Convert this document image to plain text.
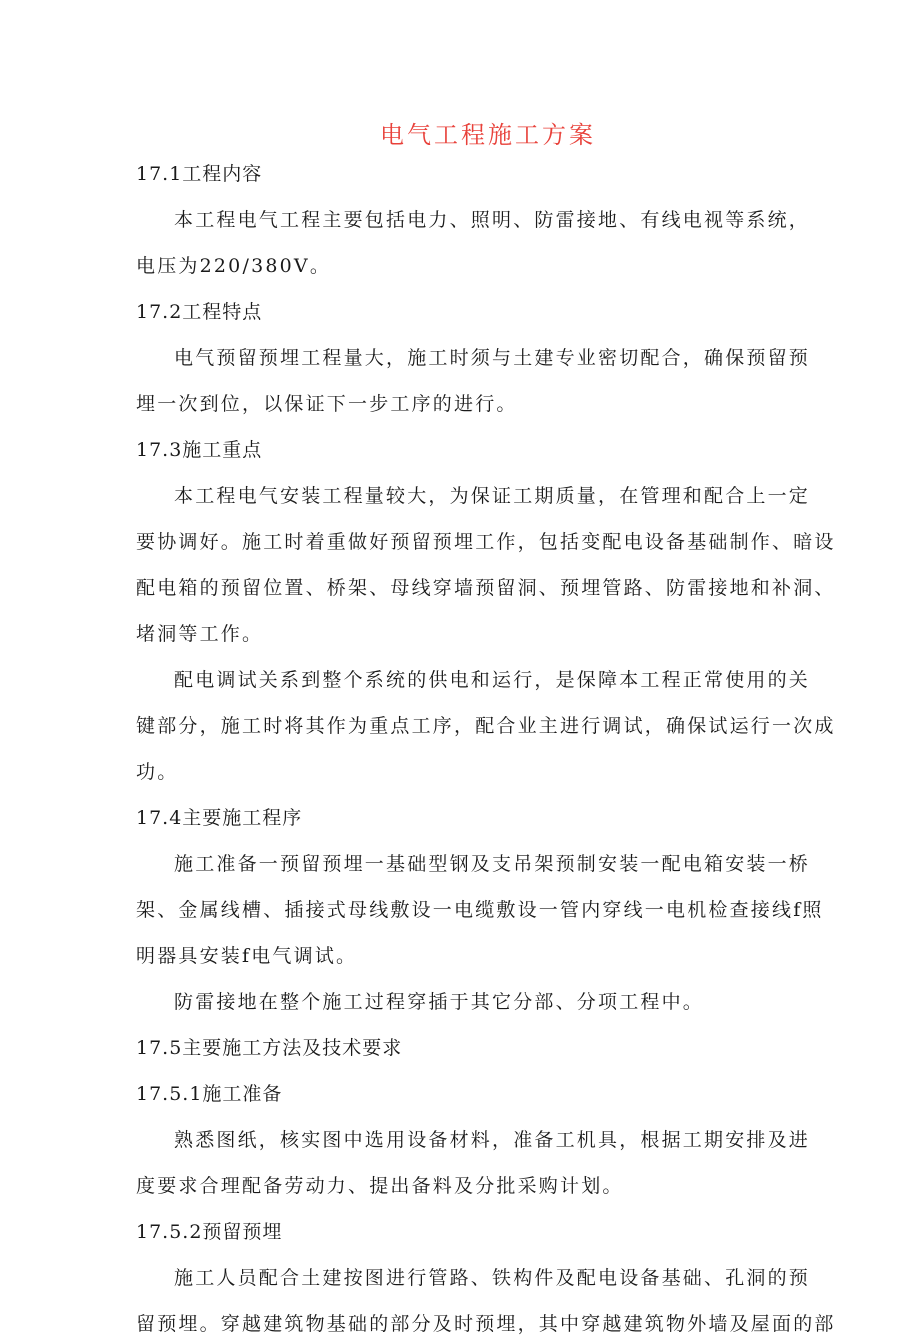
电气工程施工方案
17.1工程内容
本工程电气工程主要包括电力、照明、防雷接地、有线电视等系统，
电压为220/380V。
17.2工程特点
电气预留预埋工程量大，施工时须与土建专业密切配合，确保预留预
埋一次到位，以保证下一步工序的进行。
17.3施工重点
本工程电气安装工程量较大，为保证工期质量，在管理和配合上一定
要协调好。施工时着重做好预留预埋工作，包括变配电设备基础制作、暗设
配电箱的预留位置、桥架、母线穿墙预留洞、预埋管路、防雷接地和补洞、
堵洞等工作。
配电调试关系到整个系统的供电和运行，是保障本工程正常使用的关
键部分，施工时将其作为重点工序，配合业主进行调试，确保试运行一次成
功。
17.4主要施工程序
施工准备一预留预埋一基础型钢及支吊架预制安装一配电箱安装一桥
架、金属线槽、插接式母线敷设一电缆敷设一管内穿线一电机检查接线f照
明器具安装f电气调试。
防雷接地在整个施工过程穿插于其它分部、分项工程中。
17.5主要施工方法及技术要求
17.5.1施工准备
熟悉图纸，核实图中选用设备材料，准备工机具，根据工期安排及进
度要求合理配备劳动力、提出备料及分批采购计划。
17.5.2预留预埋
施工人员配合土建按图进行管路、铁构件及配电设备基础、孔洞的预
留预埋。穿越建筑物基础的部分及时预埋，其中穿越建筑物外墙及屋面的部
